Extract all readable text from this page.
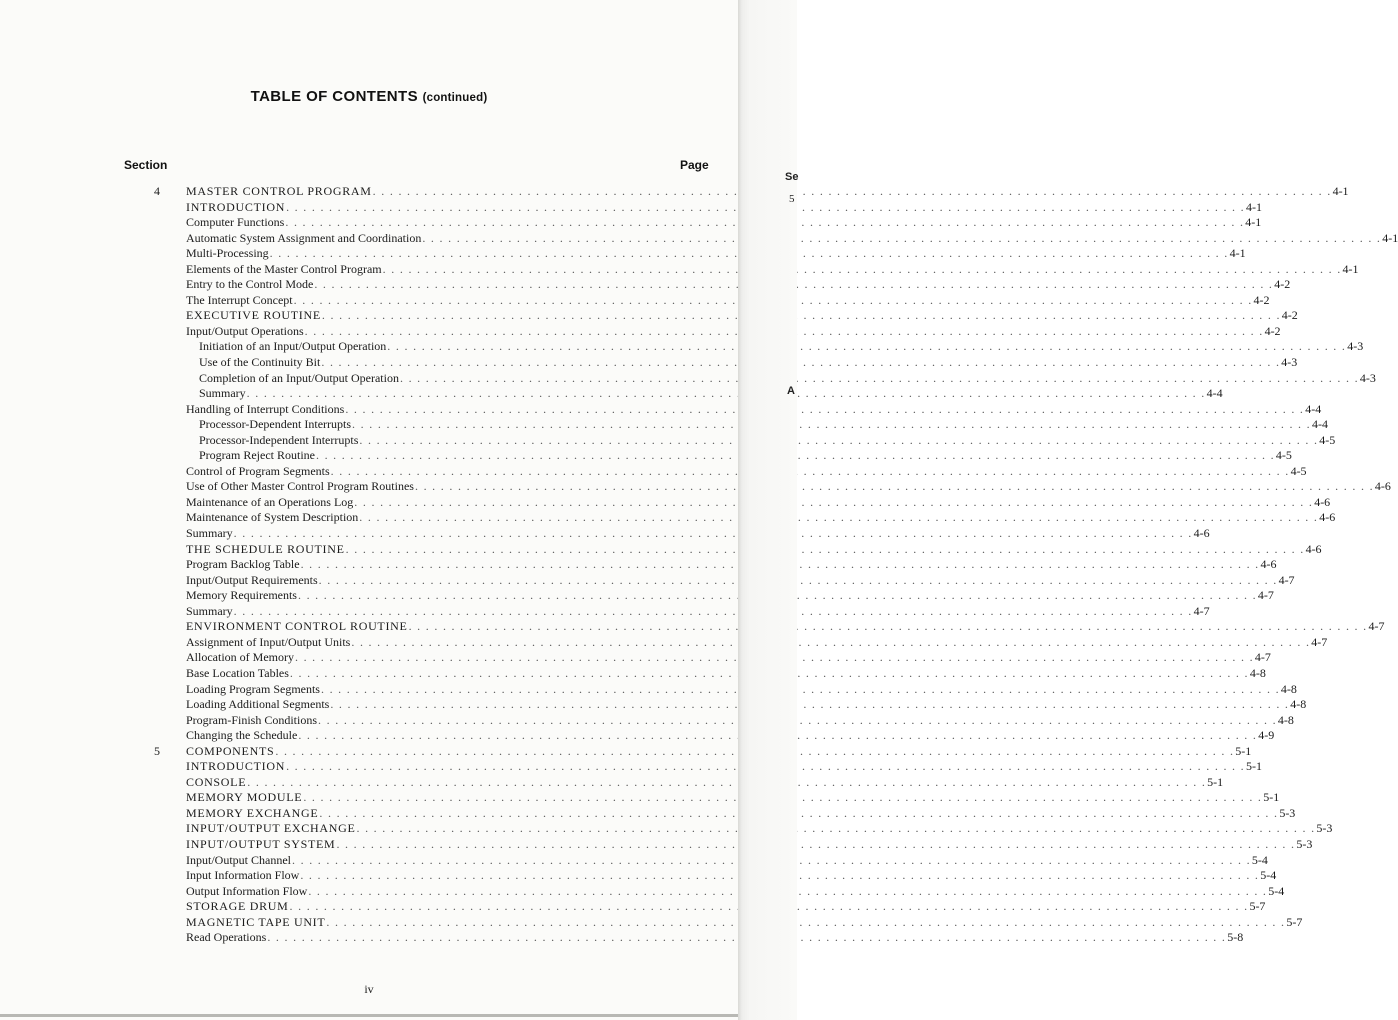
TABLE OF CONTENTS (continued)
Section	Page
4 MASTER CONTROL PROGRAM . . .	4-1
INTRODUCTION . . .	4-1
Computer Functions . . .	4-1
Automatic System Assignment and Coordination . . .	4-1
Multi-Processing . . .	4-1
Elements of the Master Control Program . . .	4-1
Entry to the Control Mode . . .	4-2
The Interrupt Concept . . .	4-2
EXECUTIVE ROUTINE . . .	4-2
Input/Output Operations . . .	4-2
Initiation of an Input/Output Operation . . .	4-3
Use of the Continuity Bit . . .	4-3
Completion of an Input/Output Operation . . .	4-3
Summary . . .	4-4
Handling of Interrupt Conditions . . .	4-4
Processor-Dependent Interrupts . . .	4-4
Processor-Independent Interrupts . . .	4-5
Program Reject Routine . . .	4-5
Control of Program Segments . . .	4-5
Use of Other Master Control Program Routines . . .	4-6
Maintenance of an Operations Log . . .	4-6
Maintenance of System Description . . .	4-6
Summary . . .	4-6
THE SCHEDULE ROUTINE . . .	4-6
Program Backlog Table . . .	4-6
Input/Output Requirements . . .	4-7
Memory Requirements . . .	4-7
Summary . . .	4-7
ENVIRONMENT CONTROL ROUTINE . . .	4-7
Assignment of Input/Output Units . . .	4-7
Allocation of Memory . . .	4-7
Base Location Tables . . .	4-8
Loading Program Segments . . .	4-8
Loading Additional Segments . . .	4-8
Program-Finish Conditions . . .	4-8
Changing the Schedule . . .	4-9
5 COMPONENTS . . .	5-1
INTRODUCTION . . .	5-1
CONSOLE . . .	5-1
MEMORY MODULE . . .	5-1
MEMORY EXCHANGE . . .	5-3
INPUT/OUTPUT EXCHANGE . . .	5-3
INPUT/OUTPUT SYSTEM . . .	5-3
Input/Output Channel . . .	5-4
Input Information Flow . . .	5-4
Output Information Flow . . .	5-4
STORAGE DRUM . . .	5-7
MAGNETIC TAPE UNIT . . .	5-7
Read Operations . . .	5-8
iv
Se
5
A
